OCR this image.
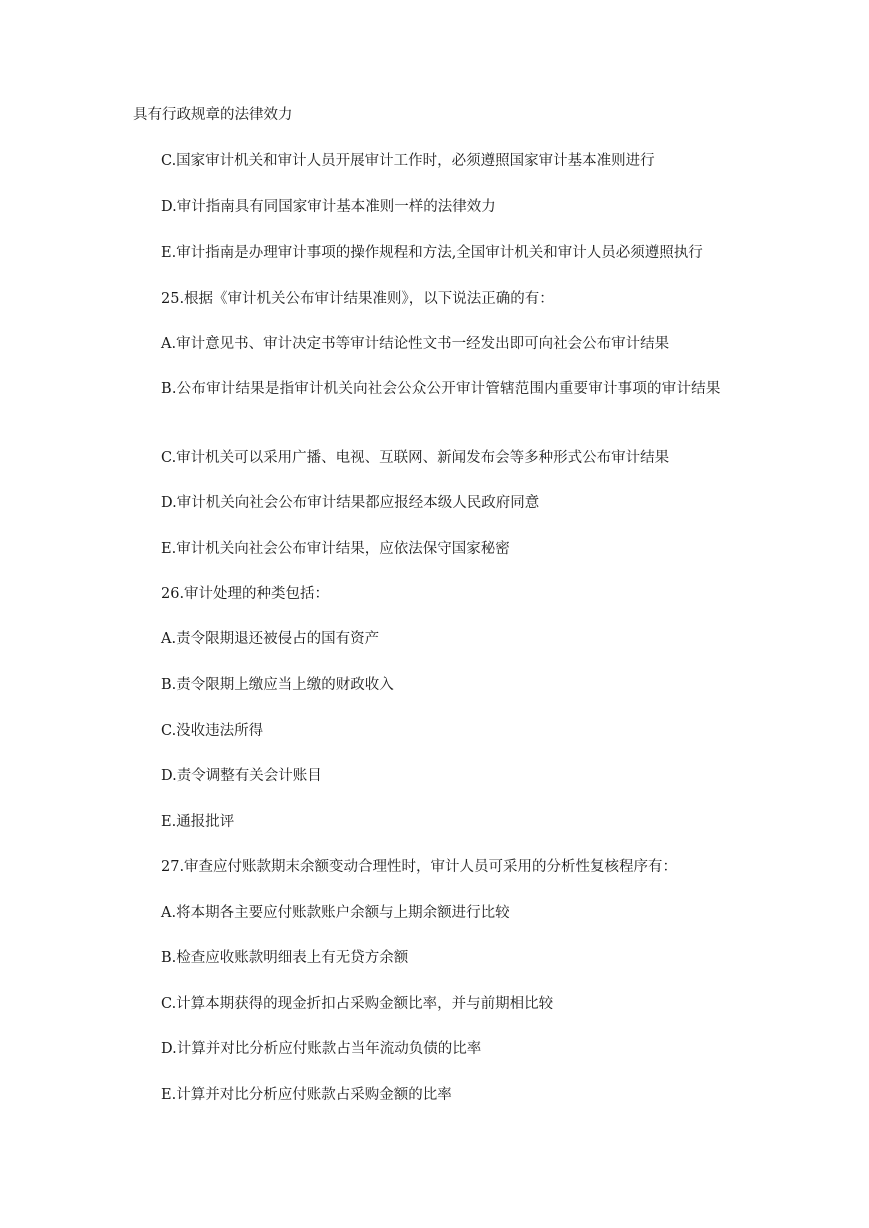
具有行政规章的法律效力
C.国家审计机关和审计人员开展审计工作时，必须遵照国家审计基本准则进行
D.审计指南具有同国家审计基本准则一样的法律效力
E.审计指南是办理审计事项的操作规程和方法,全国审计机关和审计人员必须遵照执行
25.根据《审计机关公布审计结果准则》，以下说法正确的有：
A.审计意见书、审计决定书等审计结论性文书一经发出即可向社会公布审计结果
B.公布审计结果是指审计机关向社会公众公开审计管辖范围内重要审计事项的审计结果
C.审计机关可以采用广播、电视、互联网、新闻发布会等多种形式公布审计结果
D.审计机关向社会公布审计结果都应报经本级人民政府同意
E.审计机关向社会公布审计结果，应依法保守国家秘密
26.审计处理的种类包括：
A.责令限期退还被侵占的国有资产
B.责令限期上缴应当上缴的财政收入
C.没收违法所得
D.责令调整有关会计账目
E.通报批评
27.审查应付账款期末余额变动合理性时，审计人员可采用的分析性复核程序有：
A.将本期各主要应付账款账户余额与上期余额进行比较
B.检查应收账款明细表上有无贷方余额
C.计算本期获得的现金折扣占采购金额比率，并与前期相比较
D.计算并对比分析应付账款占当年流动负债的比率
E.计算并对比分析应付账款占采购金额的比率
